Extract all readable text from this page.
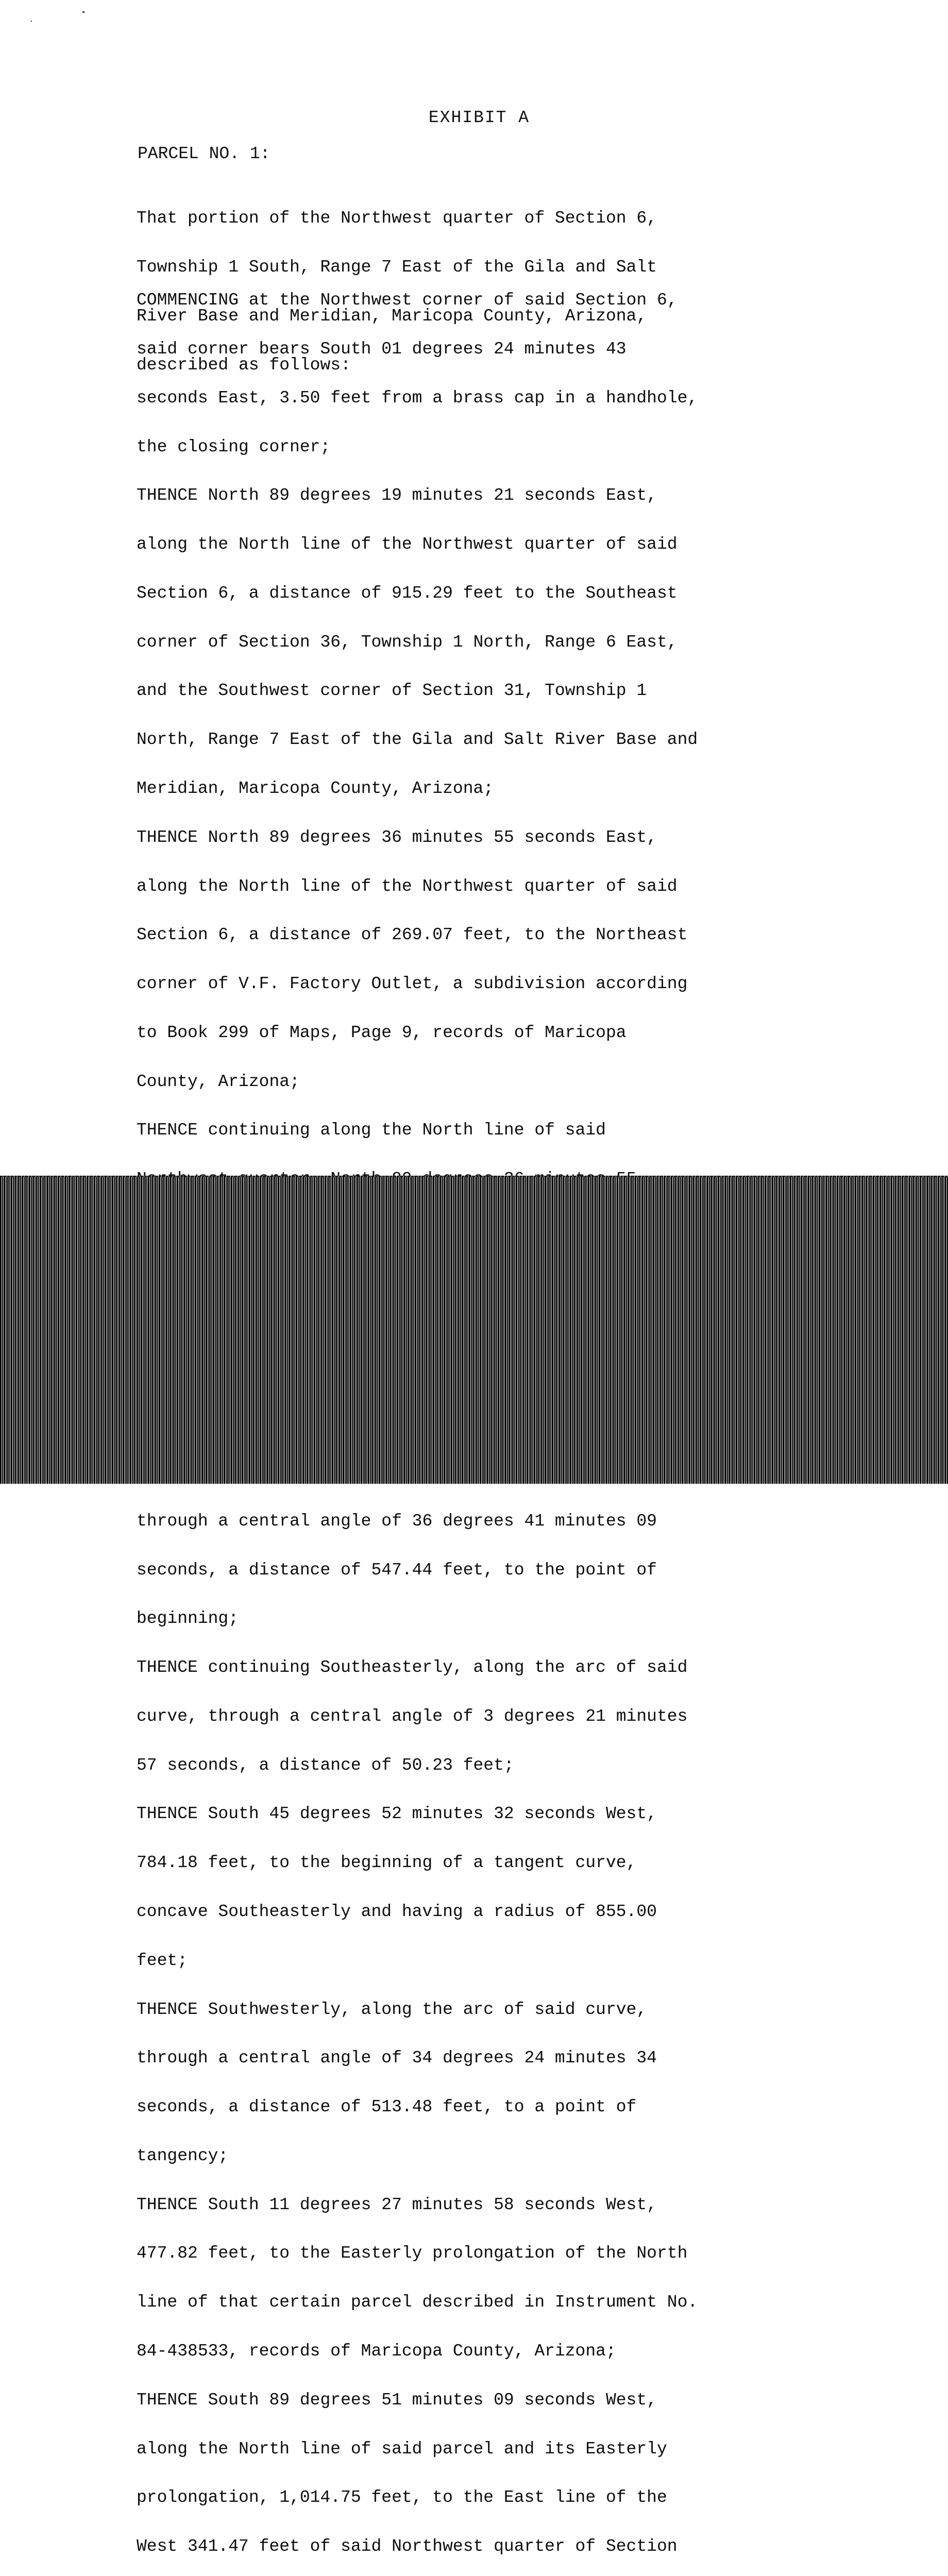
EXHIBIT A
PARCEL NO. 1:

That portion of the Northwest quarter of Section 6,

Township 1 South, Range 7 East of the Gila and Salt

River Base and Meridian, Maricopa County, Arizona,

described as follows:

COMMENCING at the Northwest corner of said Section 6,

said corner bears South 01 degrees 24 minutes 43

seconds East, 3.50 feet from a brass cap in a handhole,

the closing corner;

THENCE North 89 degrees 19 minutes 21 seconds East,

along the North line of the Northwest quarter of said

Section 6, a distance of 915.29 feet to the Southeast

corner of Section 36, Township 1 North, Range 6 East,

and the Southwest corner of Section 31, Township 1

North, Range 7 East of the Gila and Salt River Base and

Meridian, Maricopa County, Arizona;

THENCE North 89 degrees 36 minutes 55 seconds East,

along the North line of the Northwest quarter of said

Section 6, a distance of 269.07 feet, to the Northeast

corner of V.F. Factory Outlet, a subdivision according

to Book 299 of Maps, Page 9, records of Maricopa

County, Arizona;

THENCE continuing along the North line of said

through a central angle of 36 degrees 41 minutes 09

seconds, a distance of 547.44 feet, to the point of

beginning;

THENCE continuing Southeasterly, along the arc of said

curve, through a central angle of 3 degrees 21 minutes

57 seconds, a distance of 50.23 feet;

THENCE South 45 degrees 52 minutes 32 seconds West,

784.18 feet, to the beginning of a tangent curve,

concave Southeasterly and having a radius of 855.00

feet;

THENCE Southwesterly, along the arc of said curve,

through a central angle of 34 degrees 24 minutes 34

seconds, a distance of 513.48 feet, to a point of

tangency;

THENCE South 11 degrees 27 minutes 58 seconds West,

477.82 feet, to the Easterly prolongation of the North

line of that certain parcel described in Instrument No.

84-438533, records of Maricopa County, Arizona;

THENCE South 89 degrees 51 minutes 09 seconds West,

along the North line of said parcel and its Easterly

prolongation, 1,014.75 feet, to the East line of the

West 341.47 feet of said Northwest quarter of Section
